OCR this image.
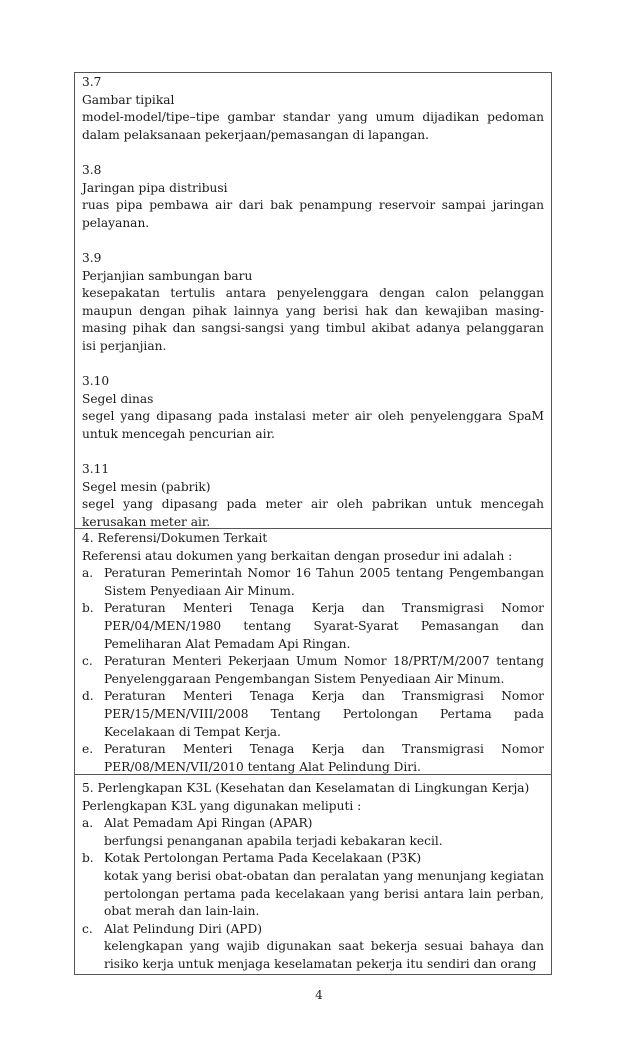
3.7
Gambar tipikal
model-model/tipe–tipe gambar standar yang umum dijadikan pedoman dalam pelaksanaan pekerjaan/pemasangan di lapangan.
3.8
Jaringan pipa distribusi
ruas pipa pembawa air dari bak penampung reservoir sampai jaringan pelayanan.
3.9
Perjanjian sambungan baru
kesepakatan tertulis antara penyelenggara dengan calon pelanggan maupun dengan pihak lainnya yang berisi hak dan kewajiban masing-masing pihak dan sangsi-sangsi yang timbul akibat adanya pelanggaran isi perjanjian.
3.10
Segel dinas
segel yang dipasang pada instalasi meter air oleh penyelenggara SpaM untuk mencegah pencurian air.
3.11
Segel mesin (pabrik)
segel yang dipasang pada meter air oleh pabrikan untuk mencegah kerusakan meter air.
4. Referensi/Dokumen Terkait
Referensi atau dokumen yang berkaitan dengan prosedur ini adalah :
a. Peraturan Pemerintah Nomor 16 Tahun 2005 tentang Pengembangan Sistem Penyediaan Air Minum.
b. Peraturan Menteri Tenaga Kerja dan Transmigrasi Nomor PER/04/MEN/1980 tentang Syarat-Syarat Pemasangan dan Pemeliharan Alat Pemadam Api Ringan.
c. Peraturan Menteri Pekerjaan Umum Nomor 18/PRT/M/2007 tentang Penyelenggaraan Pengembangan Sistem Penyediaan Air Minum.
d. Peraturan Menteri Tenaga Kerja dan Transmigrasi Nomor PER/15/MEN/VIII/2008 Tentang Pertolongan Pertama pada Kecelakaan di Tempat Kerja.
e. Peraturan Menteri Tenaga Kerja dan Transmigrasi Nomor PER/08/MEN/VII/2010 tentang Alat Pelindung Diri.
5. Perlengkapan K3L (Kesehatan dan Keselamatan di Lingkungan Kerja)
Perlengkapan K3L yang digunakan meliputi :
a. Alat Pemadam Api Ringan (APAR)
berfungsi penanganan apabila terjadi kebakaran kecil.
b. Kotak Pertolongan Pertama Pada Kecelakaan (P3K)
kotak yang berisi obat-obatan dan peralatan yang menunjang kegiatan pertolongan pertama pada kecelakaan yang berisi antara lain perban, obat merah dan lain-lain.
c. Alat Pelindung Diri (APD)
kelengkapan yang wajib digunakan saat bekerja sesuai bahaya dan risiko kerja untuk menjaga keselamatan pekerja itu sendiri dan orang
4
